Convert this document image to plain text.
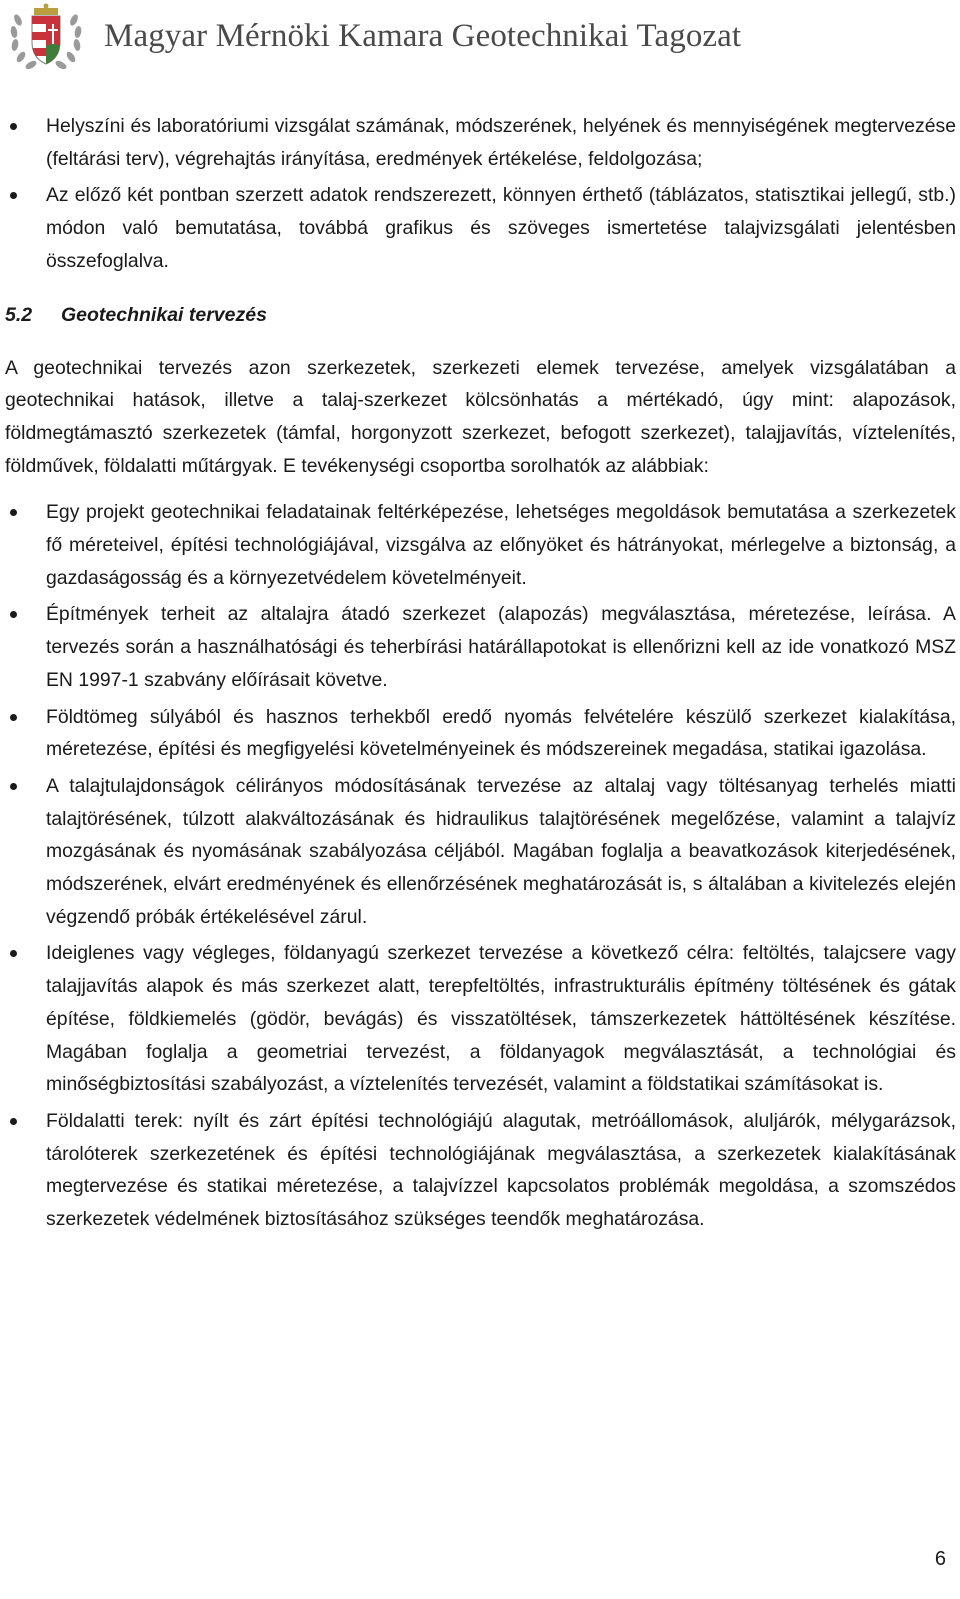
Magyar Mérnöki Kamara Geotechnikai Tagozat
Helyszíni és laboratóriumi vizsgálat számának, módszerének, helyének és mennyiségének megtervezése (feltárási terv), végrehajtás irányítása, eredmények értékelése, feldolgozása;
Az előző két pontban szerzett adatok rendszerezett, könnyen érthető (táblázatos, statisztikai jellegű, stb.) módon való bemutatása, továbbá grafikus és szöveges ismertetése talajvizsgálati jelentésben összefoglalva.
5.2 Geotechnikai tervezés

A geotechnikai tervezés azon szerkezetek, szerkezeti elemek tervezése, amelyek vizsgálatában a geotechnikai hatások, illetve a talaj-szerkezet kölcsönhatás a mértékadó, úgy mint: alapozások, földmegtámasztó szerkezetek (támfal, horgonyzott szerkezet, befogott szerkezet), talajjavítás, víztelenítés, földművek, földalatti műtárgyak. E tevékenységi csoportba sorolhatók az alábbiak:

Egy projekt geotechnikai feladatainak feltérképezése, lehetséges megoldások bemutatása a szerkezetek fő méreteivel, építési technológiájával, vizsgálva az előnyöket és hátrányokat, mérlegelve a biztonság, a gazdaságosság és a környezetvédelem követelményeit.
Építmények terheit az altalajra átadó szerkezet (alapozás) megválasztása, méretezése, leírása. A tervezés során a használhatósági és teherbírási határállapotokat is ellenőrizni kell az ide vonatkozó MSZ EN 1997-1 szabvány előírásait követve.
Földtömeg súlyából és hasznos terhekből eredő nyomás felvételére készülő szerkezet kialakítása, méretezése, építési és megfigyelési követelményeinek és módszereinek megadása, statikai igazolása.
A talajtulajdonságok célirányos módosításának tervezése az altalaj vagy töltésanyag terhelés miatti talajtörésének, túlzott alakváltozásának és hidraulikus talajtörésének megelőzése, valamint a talajvíz mozgásának és nyomásának szabályozása céljából. Magában foglalja a beavatkozások kiterjedésének, módszerének, elvárt eredményének és ellenőrzésének meghatározását is, s általában a kivitelezés elején végzendő próbák értékelésével zárul.
Ideiglenes vagy végleges, földanyagú szerkezet tervezése a következő célra: feltöltés, talajcsere vagy talajjavítás alapok és más szerkezet alatt, terepfeltöltés, infrastrukturális építmény töltésének és gátak építése, földkiemelés (gödör, bevágás) és visszatöltések, támszerkezetek háttöltésének készítése. Magában foglalja a geometriai tervezést, a földanyagok megválasztását, a technológiai és minőségbiztosítási szabályozást, a víztelenítés tervezését, valamint a földstatikai számításokat is.
Földalatti terek: nyílt és zárt építési technológiájú alagutak, metróállomások, aluljárók, mélygarázsok, tárolóterek szerkezetének és építési technológiájának megválasztása, a szerkezetek kialakításának megtervezése és statikai méretezése, a talajvízzel kapcsolatos problémák megoldása, a szomszédos szerkezetek védelmének biztosításához szükséges teendők meghatározása.
6
